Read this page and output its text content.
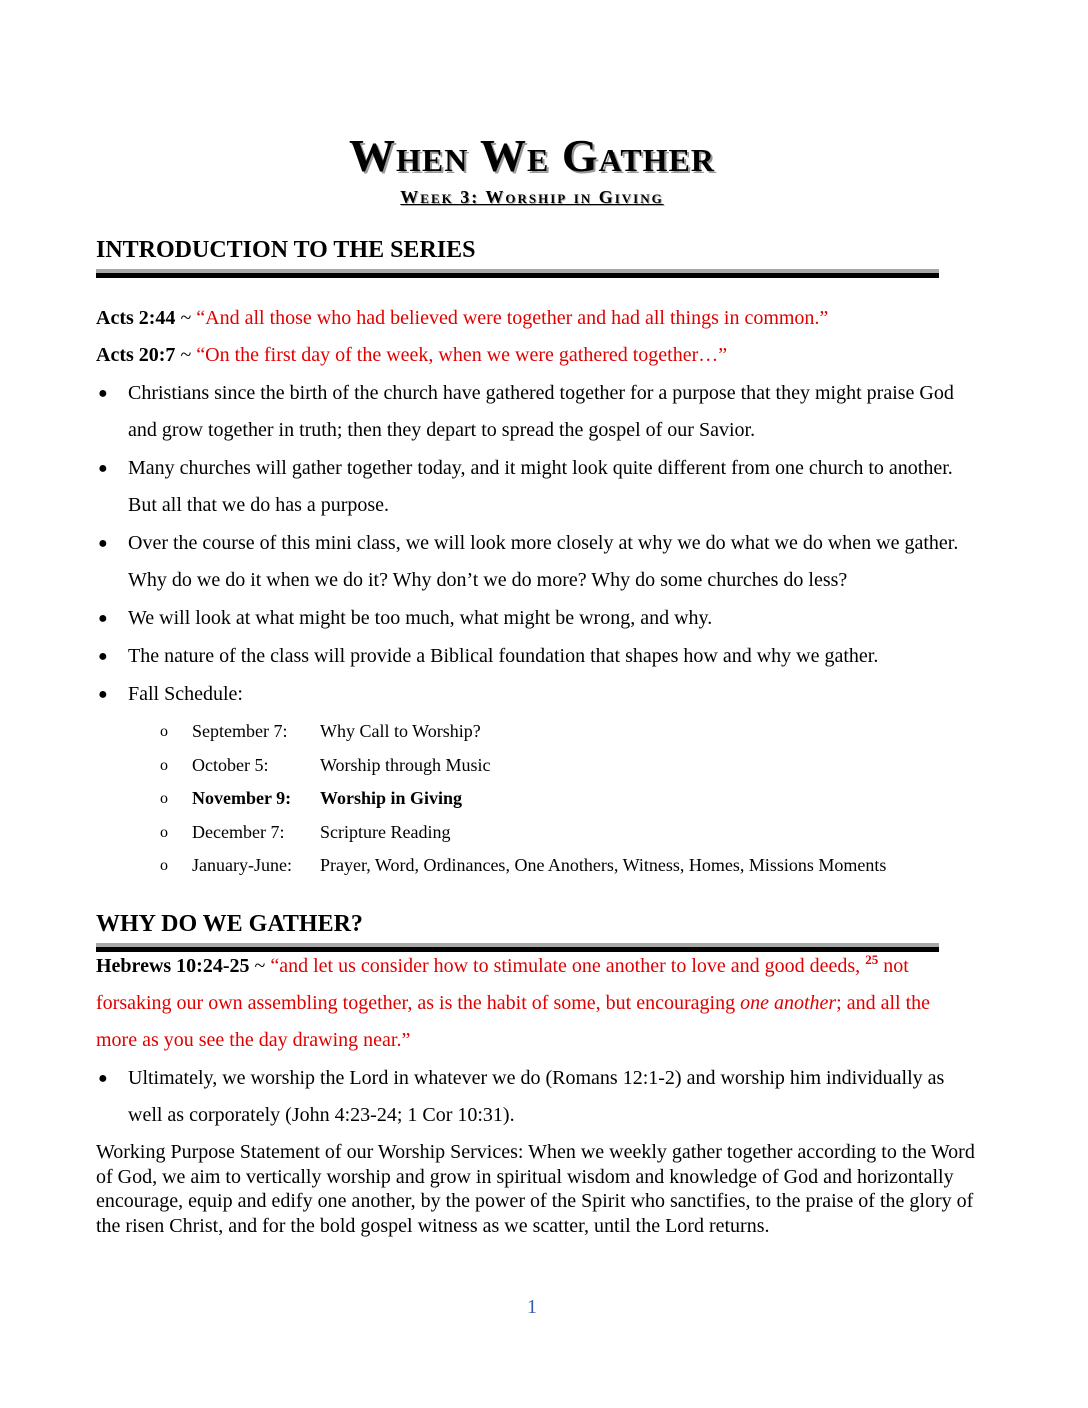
When We Gather
Week 3: Worship in Giving
INTRODUCTION TO THE SERIES
Acts 2:44 ~ “And all those who had believed were together and had all things in common.”
Acts 20:7 ~ “On the first day of the week, when we were gathered together…”
● Christians since the birth of the church have gathered together for a purpose that they might praise God and grow together in truth; then they depart to spread the gospel of our Savior.
● Many churches will gather together today, and it might look quite different from one church to another. But all that we do has a purpose.
● Over the course of this mini class, we will look more closely at why we do what we do when we gather. Why do we do it when we do it? Why don’t we do more? Why do some churches do less?
● We will look at what might be too much, what might be wrong, and why.
● The nature of the class will provide a Biblical foundation that shapes how and why we gather.
● Fall Schedule:
o September 7: Why Call to Worship?
o October 5:	Worship through Music
o November 9: Worship in Giving
o December 7: Scripture Reading
o January-June: Prayer, Word, Ordinances, One Anothers, Witness, Homes, Missions Moments
WHY DO WE GATHER?
Hebrews 10:24-25 ~ “and let us consider how to stimulate one another to love and good deeds, $^{25}$ not forsaking our own assembling together, as is the habit of some, but encouraging one another; and all the more as you see the day drawing near.”
● Ultimately, we worship the Lord in whatever we do (Romans 12:1-2) and worship him individually as well as corporately (John 4:23-24; 1 Cor 10:31).

Working Purpose Statement of our Worship Services: When we weekly gather together according to the Word of God, we aim to vertically worship and grow in spiritual wisdom and knowledge of God and horizontally encourage, equip and edify one another, by the power of the Spirit who sanctifies, to the praise of the glory of the risen Christ, and for the bold gospel witness as we scatter, until the Lord returns.

1
